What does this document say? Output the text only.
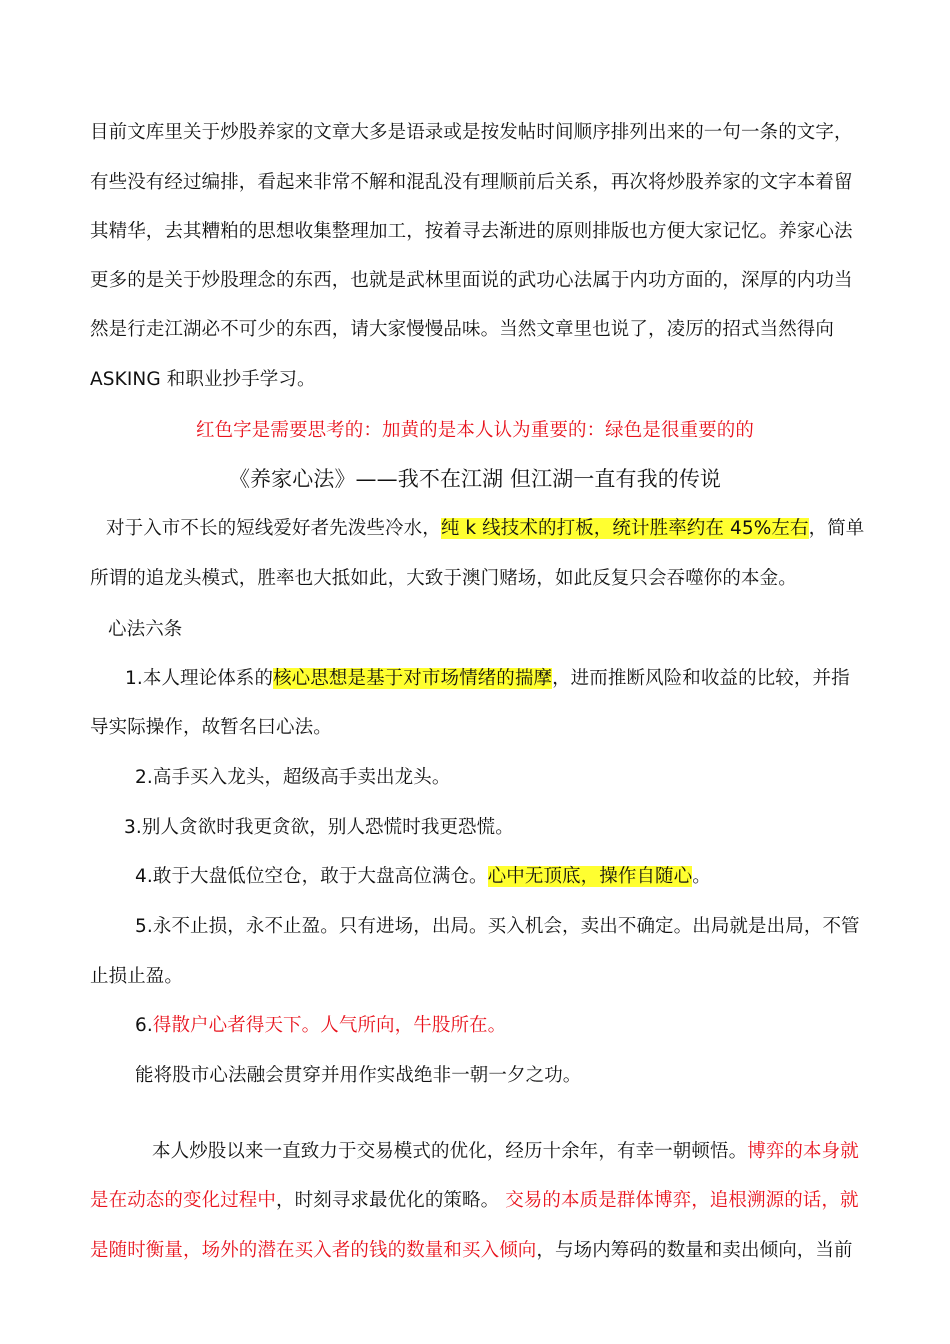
目前文库里关于炒股养家的文章大多是语录或是按发帖时间顺序排列出来的一句一条的文字，
有些没有经过编排，看起来非常不解和混乱没有理顺前后关系，再次将炒股养家的文字本着留
其精华，去其糟粕的思想收集整理加工，按着寻去渐进的原则排版也方便大家记忆。养家心法
更多的是关于炒股理念的东西，也就是武林里面说的武功心法属于内功方面的，深厚的内功当
然是行走江湖必不可少的东西，请大家慢慢品味。当然文章里也说了，凌厉的招式当然得向
ASKING 和职业抄手学习。
红色字是需要思考的：加黄的是本人认为重要的：绿色是很重要的的
《养家心法》——我不在江湖 但江湖一直有我的传说
对于入市不长的短线爱好者先泼些冷水，纯 k 线技术的打板，统计胜率约在 45%左右，简单
所谓的追龙头模式，胜率也大抵如此，大致于澳门赌场，如此反复只会吞噬你的本金。
心法六条
1.本人理论体系的核心思想是基于对市场情绪的揣摩，进而推断风险和收益的比较，并指
导实际操作，故暂名曰心法。
2.高手买入龙头，超级高手卖出龙头。
3.别人贪欲时我更贪欲，别人恐慌时我更恐慌。
4.敢于大盘低位空仓，敢于大盘高位满仓。心中无顶底，操作自随心。
5.永不止损，永不止盈。只有进场，出局。买入机会，卖出不确定。出局就是出局，不管
止损止盈。
6.得散户心者得天下。人气所向，牛股所在。
能将股市心法融会贯穿并用作实战绝非一朝一夕之功。
本人炒股以来一直致力于交易模式的优化，经历十余年，有幸一朝顿悟。博弈的本身就
是在动态的变化过程中，时刻寻求最优化的策略。 交易的本质是群体博弈，追根溯源的话，就
是随时衡量，场外的潜在买入者的钱的数量和买入倾向，与场内筹码的数量和卖出倾向，当前
